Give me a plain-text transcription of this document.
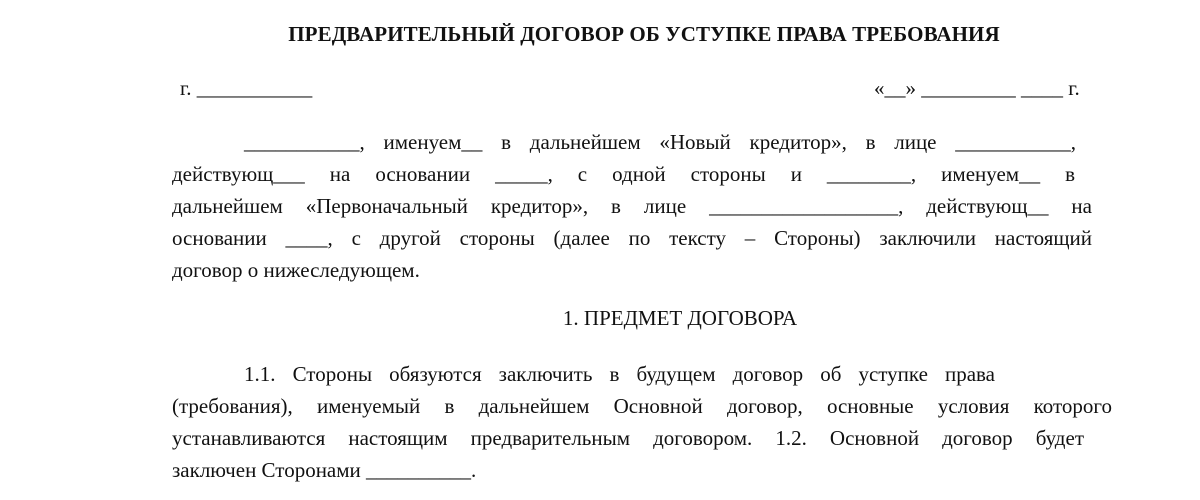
ПРЕДВАРИТЕЛЬНЫЙ ДОГОВОР ОБ УСТУПКЕ ПРАВА ТРЕБОВАНИЯ
г. ___________	«__» _________ ____ г.
___________, именуем__ в дальнейшем «Новый кредитор», в лице ___________,
действующ___ на основании _____, с одной стороны и ________, именуем__ в
дальнейшем «Первоначальный кредитор», в лице __________________, действующ__ на
основании ____, с другой стороны (далее по тексту – Стороны) заключили настоящий
договор о нижеследующем.
1. ПРЕДМЕТ ДОГОВОРА
1.1. Стороны обязуются заключить в будущем договор об уступке права
(требования), именуемый в дальнейшем Основной договор, основные условия которого
устанавливаются настоящим предварительным договором. 1.2. Основной договор будет
заключен Сторонами __________.
